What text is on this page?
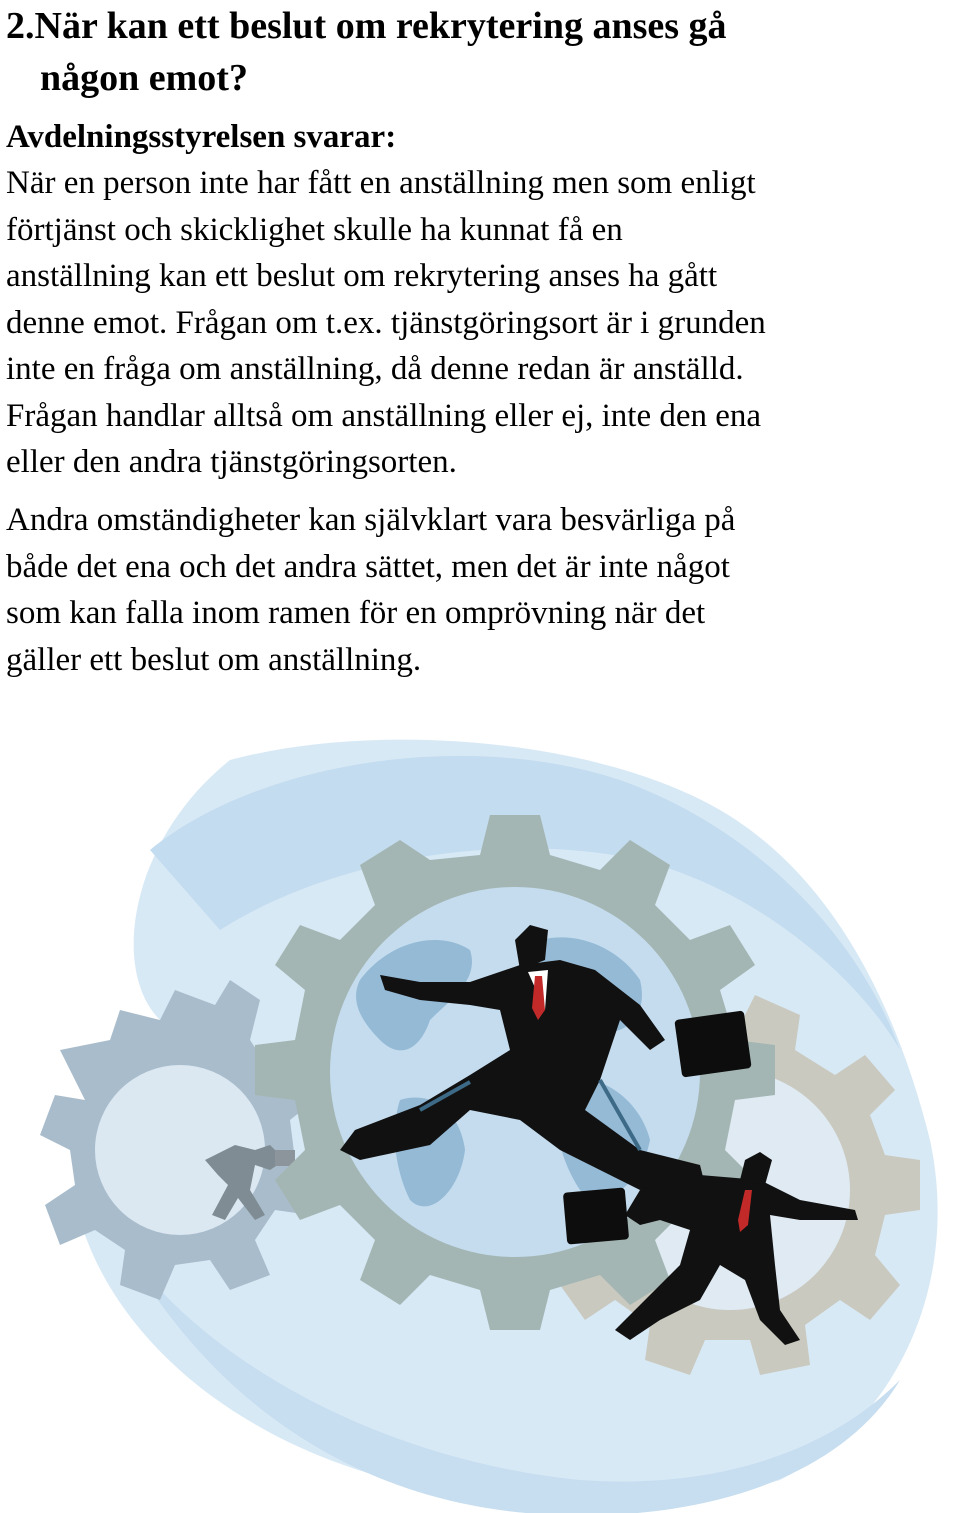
2.När kan ett beslut om rekrytering anses gå
någon emot?
Avdelningsstyrelsen svarar:

När en person inte har fått en anställning men som enligt
förtjänst och skicklighet skulle ha kunnat få en
anställning kan ett beslut om rekrytering anses ha gått
denne emot. Frågan om t.ex. tjänstgöringsort är i grunden
inte en fråga om anställning, då denne redan är anställd.
Frågan handlar alltså om anställning eller ej, inte den ena
eller den andra tjänstgöringsorten.

Andra omständigheter kan självklart vara besvärliga på
både det ena och det andra sättet, men det är inte något
som kan falla inom ramen för en omprövning när det
gäller ett beslut om anställning.
